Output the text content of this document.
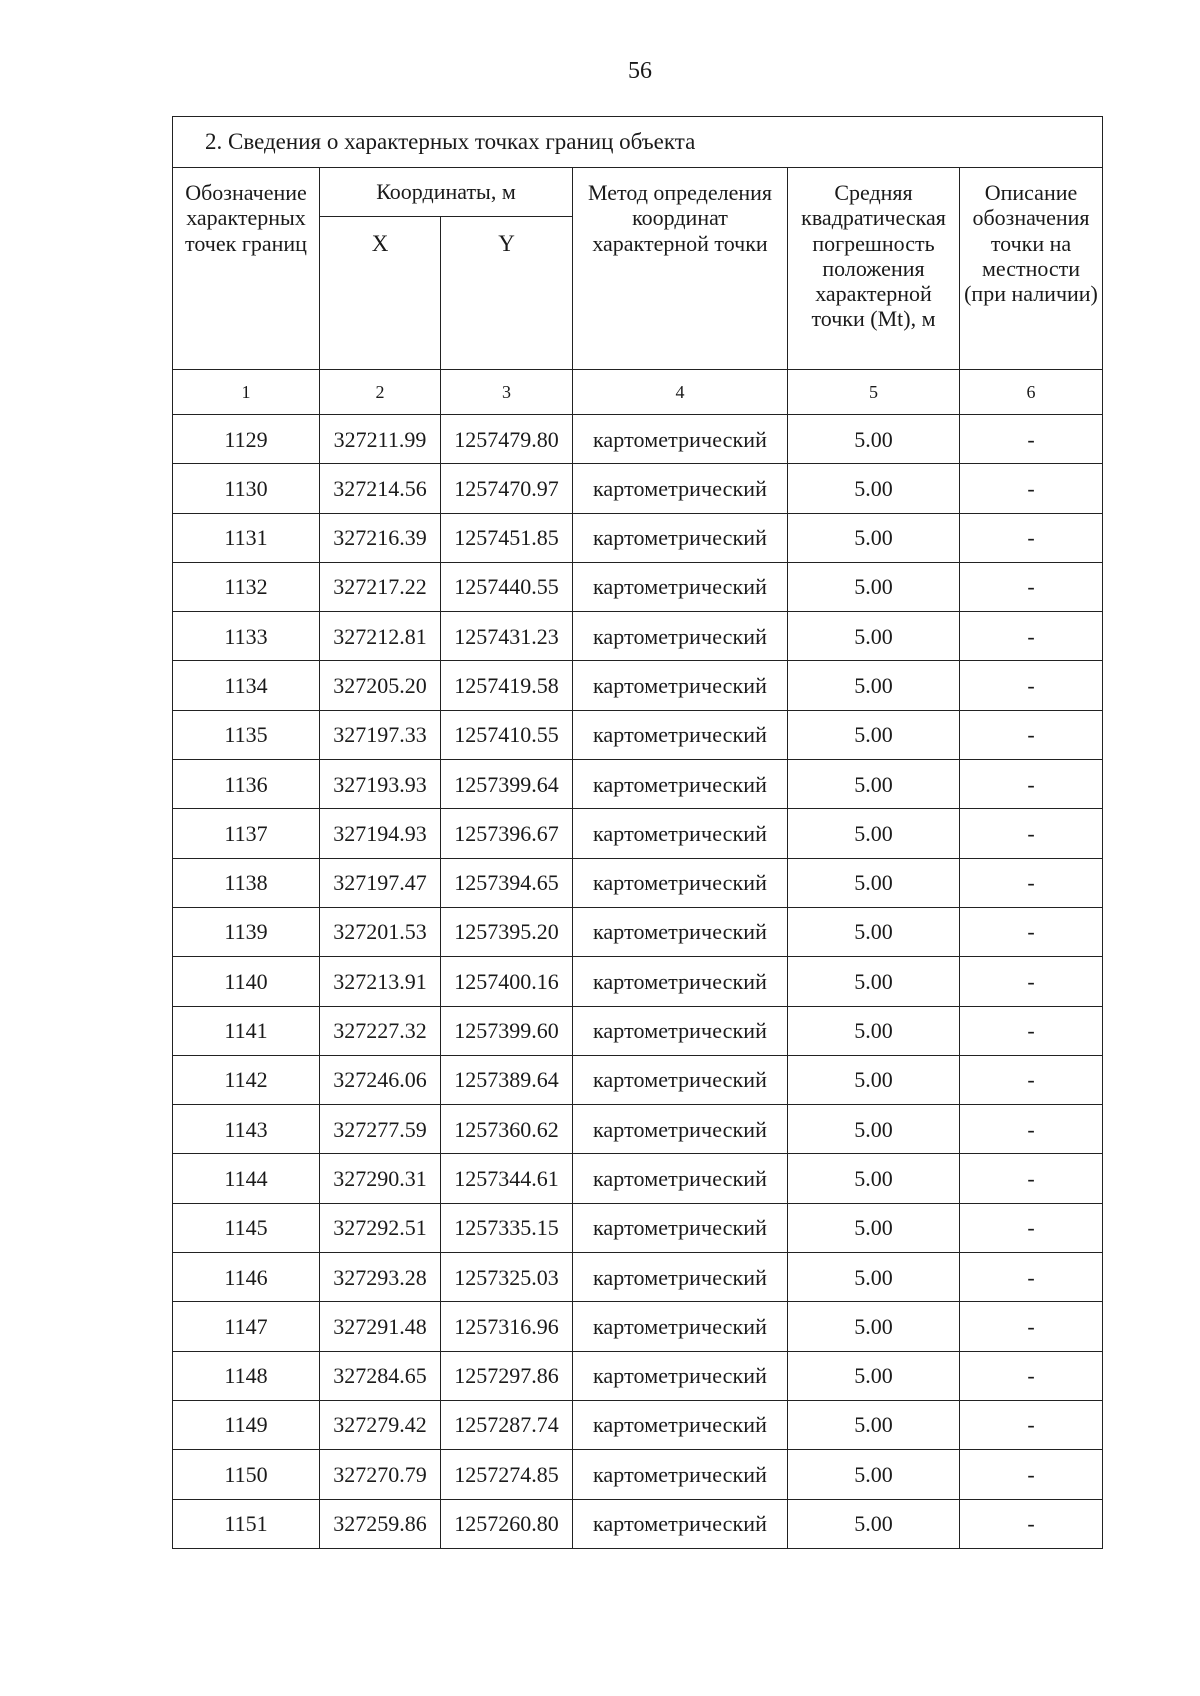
56
2. Сведения о характерных точках границ объекта					
Обозначение характерных точек границ	Координаты, м		Метод определения координат характерной точки	Средняя квадратическая погрешность положения характерной точки (Mt), м	Описание обозначения точки на местности (при наличии)
	X	Y			
1	2	3	4	5	6
1129	327211.99	1257479.80	картометрический	5.00	-
1130	327214.56	1257470.97	картометрический	5.00	-
1131	327216.39	1257451.85	картометрический	5.00	-
1132	327217.22	1257440.55	картометрический	5.00	-
1133	327212.81	1257431.23	картометрический	5.00	-
1134	327205.20	1257419.58	картометрический	5.00	-
1135	327197.33	1257410.55	картометрический	5.00	-
1136	327193.93	1257399.64	картометрический	5.00	-
1137	327194.93	1257396.67	картометрический	5.00	-
1138	327197.47	1257394.65	картометрический	5.00	-
1139	327201.53	1257395.20	картометрический	5.00	-
1140	327213.91	1257400.16	картометрический	5.00	-
1141	327227.32	1257399.60	картометрический	5.00	-
1142	327246.06	1257389.64	картометрический	5.00	-
1143	327277.59	1257360.62	картометрический	5.00	-
1144	327290.31	1257344.61	картометрический	5.00	-
1145	327292.51	1257335.15	картометрический	5.00	-
1146	327293.28	1257325.03	картометрический	5.00	-
1147	327291.48	1257316.96	картометрический	5.00	-
1148	327284.65	1257297.86	картометрический	5.00	-
1149	327279.42	1257287.74	картометрический	5.00	-
1150	327270.79	1257274.85	картометрический	5.00	-
1151	327259.86	1257260.80	картометрический	5.00	-
